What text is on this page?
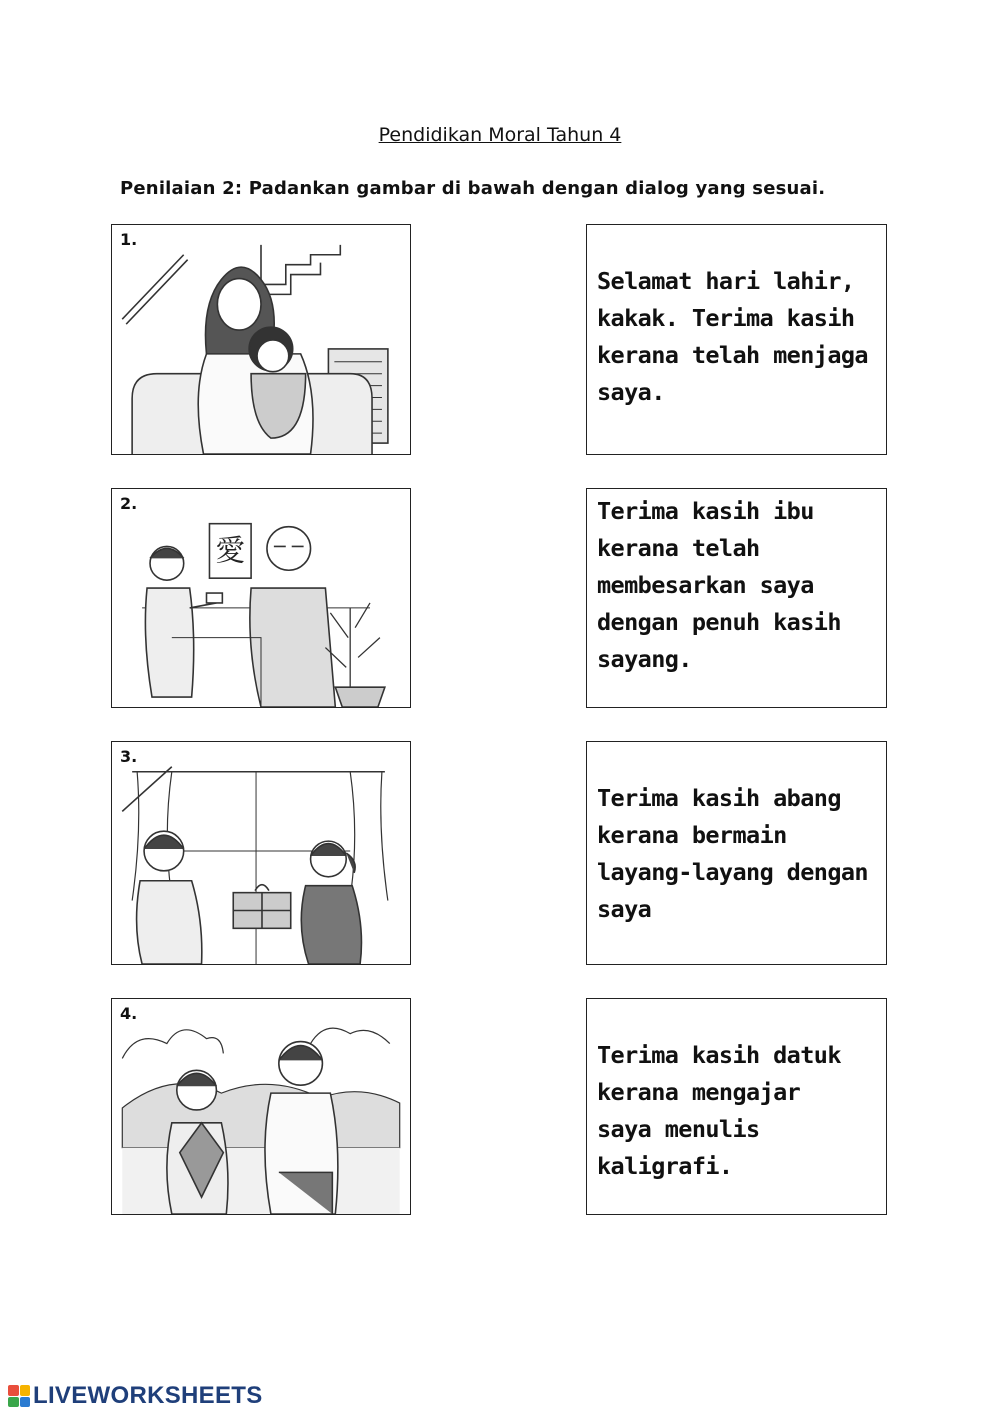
Pendidikan Moral Tahun 4
Penilaian 2: Padankan gambar di bawah dengan dialog yang sesuai.
1.

Selamat hari lahir,
kakak. Terima kasih
kerana telah menjaga
saya.

2.
愛

Terima kasih ibu
kerana telah
membesarkan saya
dengan penuh kasih
sayang.

3.

Terima kasih abang
kerana bermain
layang-layang dengan
saya

4.

Terima kasih datuk
kerana mengajar
saya menulis
kaligrafi.

LIVEWORKSHEETS
